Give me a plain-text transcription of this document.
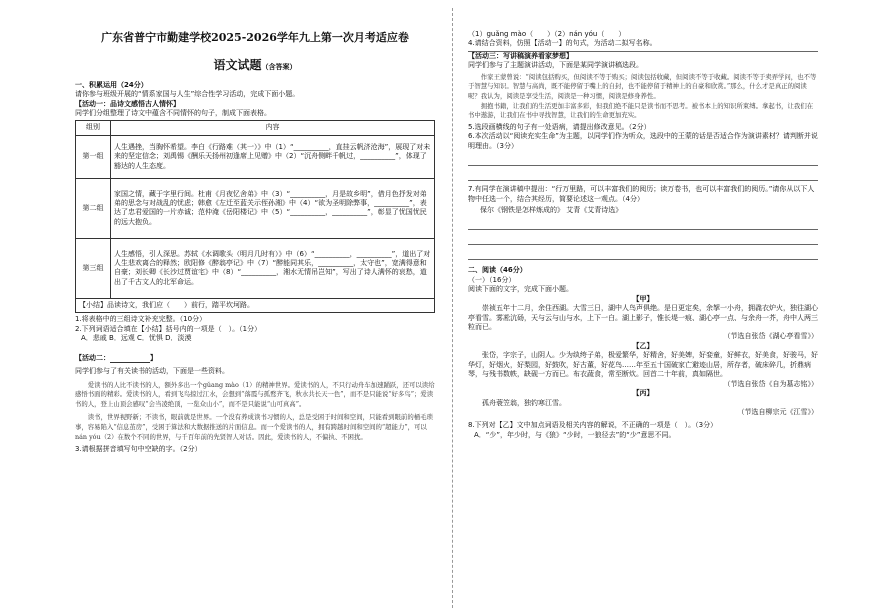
广东省普宁市勤建学校2025-2026学年九上第一次月考适应卷

语文试题（含答案）

一、积累运用（24分）

请你参与班级开展的“情系家国与人生”综合性学习活动，完成下面小题。

【活动一：品诗文感悟古人情怀】

同学们分组整理了诗文中蕴含不同情怀的句子，制成下面表格。

组别	内容
第一组	人生遇挫，当胸怀希望。李白《行路难（其一）》中（1）“__________，直挂云帆济沧海”，展现了对未来的坚定信念；刘禹锡《酬乐天扬州初逢席上见赠》中（2）“沉舟侧畔千帆过，__________”，体现了豁达的人生态度。
第二组	家国之情，藏于字里行间。杜甫《月夜忆舍弟》中（3）“__________，月是故乡明”，借月色抒发对弟弟的思念与对战乱的忧虑；韩愈《左迁至蓝关示侄孙湘》中（4）“欲为圣明除弊事，__________”，表达了忠君爱国的一片赤诚；范仲淹《岳阳楼记》中（5）“__________，__________”，彰显了忧国忧民的远大抱负。
第三组	人生感悟，引人深思。苏轼《水调歌头（明月几时有）》中（6）“__________，__________”，道出了对人生悲欢离合的释然；欧阳修《醉翁亭记》中（7）“醉能同其乐，__________，太守也”，宽满得意和自豪；刘长卿《长沙过贾谊宅》中（8）“__________，湘水无情吊岂知”，写出了诗人满怀的哀愁，道出了千古文人的北军命运。
【小结】品读诗文，我们应（　　）前行，踏平坎坷路。	

1.将表格中的三组诗文补充完整。（10分）

2.下列词语适合填在【小结】括号内的一项是（　）。（1分）

A．悲戚 B．远观 C．忧惧 D．淡漠

【活动二：	】

同学们参与了有关读书的活动，下面是一些资料。

爱读书的人比不读书的人，额外多出一个gǔang mào（1）的精神世界。爱读书的人，不只行动舟车加速踊跃，还可以读给感悟书面的精彩。爱读书的人，看到飞鸟掠过江水，会想到“落霞与孤鹜齐飞，秋水共长天一色”，而不是只能说“好多鸟”；爱读书的人，登上山顶会感叹“会当凌绝顶，一览众山小”，而不是只能说“山可真高”。

读书，世界视野新；不读书，眼前就是世界。一个没有养成读书习惯的人，总是受困于时间和空间，只能看到眼前的桶毛琐事，容易陷入“信息茧房”，受困于算法和大数据推送的片面信息。而一个爱读书的人，拥有跨越时间和空间的“超能力”，可以nán yóu（2）在数个不同的世界，与千百年前的先贤智人对话。因此，爱读书的人，不偏执、不困扰。

3.请根据拼音填写句中空缺的字。（2分）

（1）guǎng mào（　　）（2）nán yóu（　　）

4.请结合资料，仿照【活动一】的句式，为活动二拟写名称。

【活动三：写讲稿演养看家梦想】

同学们参与了主题演讲活动，下面是某同学演讲稿选段。

作家王蒙曾说：“阅读包括购买，但阅读不等于购买；阅读包括收藏，但阅读不等于收藏。阅读不等于卖弄学问，也不等于智慧与知识。智慧与高尚，既不能停留于嘴上的自封，也不能停留于精神上的自豪和欣赏。”那么，什么才是真正的阅读呢？我认为，阅读是享受生活，阅读是一种习惯，阅读是修身养性。

拥抱书籍，让我们的生活更加丰富多彩，但我们绝不能只是读书而不思考。被书本上的知识所束缚。拿起书，让我们在书中遨游，让我们在书中寻找智慧，让我们的生命更加充实。

5.选段画横线的句子有一处语病，请提出修改意见。（2分）

6.本次活动以“阅读充实生命”为主题，以同学们作为听众，选段中的王蒙的话是否适合作为演讲素材？请判断并说明理由。（3分）

7.有同学在演讲稿中提出：“行万里路，可以丰富我们的阅历；读万卷书，也可以丰富我们的阅历。”请你从以下人物中任选一个，结合其经历，简要论述这一观点。（4分）

保尔《钢铁是怎样炼成的》 艾青《艾青诗选》

二、阅读（46分）

（一）（16分）

阅读下面的文字，完成下面小题。

【甲】

崇祯五年十二月，余住西湖。大雪三日，湖中人鸟声俱绝。是日更定矣，余挐一小舟，拥毳衣炉火，独往湖心亭看雪。雾凇沆砀，天与云与山与水，上下一白。湖上影子，惟长堤一痕、湖心亭一点、与余舟一芥，舟中人两三粒而已。

（节选自张岱《湖心亭看雪》）

【乙】

张岱，字宗子，山阴人。少为纨绔子弟，极爱繁华，好精舍，好美婢，好娈童，好鲜衣，好美食，好骏马，好华灯，好烟火，好梨园，好鼓吹，好古董，好花鸟……年至五十国破家亡避迹山居，所存者，破床碎几，折鼎病琴，与残书数帙，缺砚一方而已。布衣蔬食，常至断炊。回首二十年前，真如隔世。

（节选自张岱《自为墓志铭》）

【丙】

孤舟蓑笠翁，独钓寒江雪。

（节选自柳宗元《江雪》）

8.下列对【乙】文中加点词语及相关内容的解说，不正确的一项是（　）。（3分）

A．“少”，年少时，与《狼》“少时，一狼径去”的“少”意思不同。
